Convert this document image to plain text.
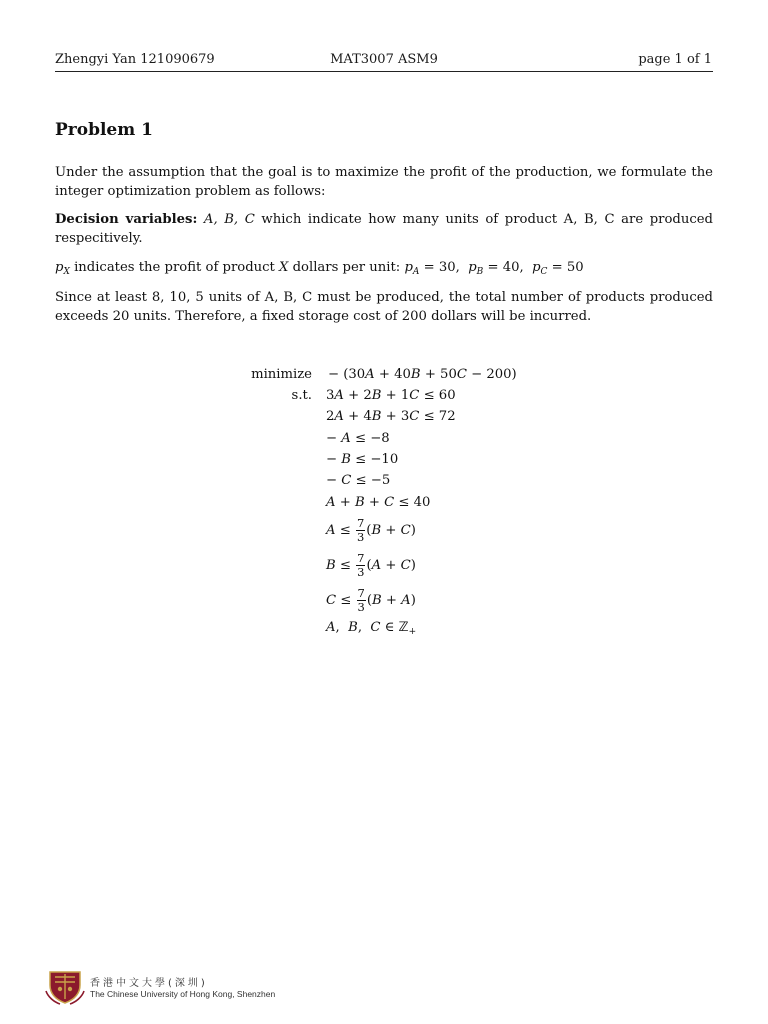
Zhengyi Yan 121090679	MAT3007 ASM9	page 1 of 1
Problem 1

Under the assumption that the goal is to maximize the profit of the production, we formulate the integer optimization problem as follows:

Decision variables: A, B, C which indicate how many units of product A, B, C are produced respecitively.

$p_X$ indicates the profit of product X dollars per unit: $p_A = 30$,  $p_B = 40$,  $p_C = 50$

Since at least 8, 10, 5 units of A, B, C must be produced, the total number of products produced exceeds 20 units. Therefore, a fixed storage cost of 200 dollars will be incurred.

minimize − (30A + 40B + 50C − 200)
s.t. 3A + 2B + 1C ≤ 60
2A + 4B + 3C ≤ 72
− A ≤ −8
− B ≤ −10
− C ≤ −5
A + B + C ≤ 40
$A \le \frac{7}{3} (B + C)$
$B \le \frac{7}{3} (A + C)$
$C \le \frac{7}{3} (B + A)$
A,  B,  C ∈ ℤ$_+$
香港中文大學(深圳)
The Chinese University of Hong Kong, Shenzhen
